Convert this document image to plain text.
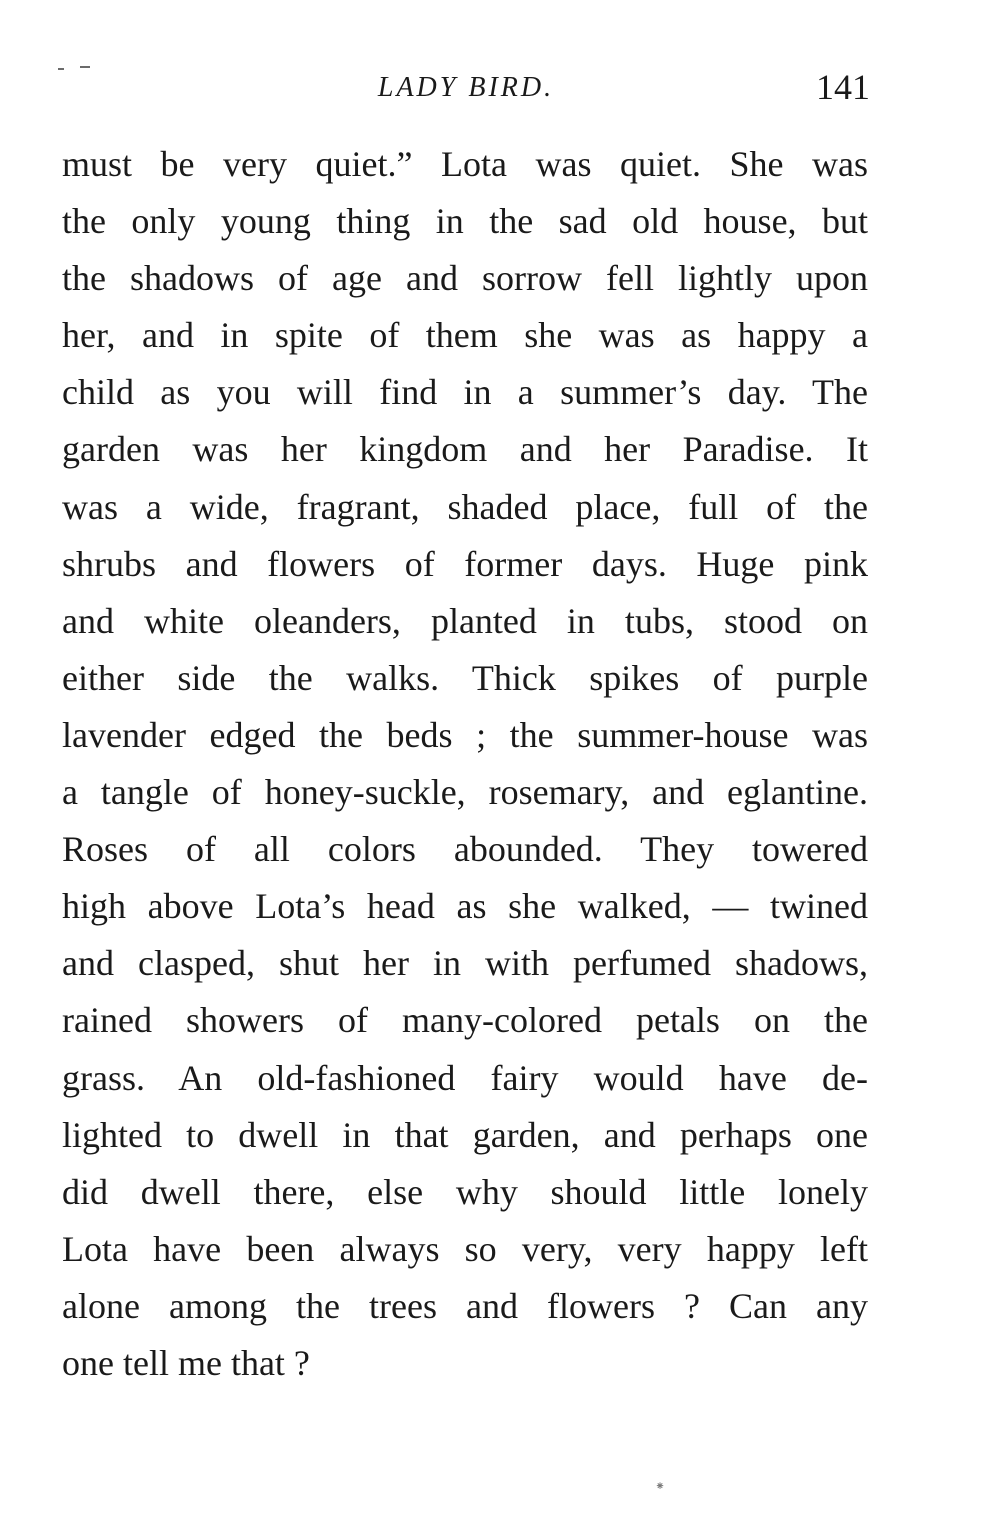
LADY BIRD.	141
must be very quiet.” Lota was quiet. She was
the only young thing in the sad old house, but
the shadows of age and sorrow fell lightly upon
her, and in spite of them she was as happy a
child as you will find in a summer’s day. The
garden was her kingdom and her Paradise. It
was a wide, fragrant, shaded place, full of the
shrubs and flowers of former days. Huge pink
and white oleanders, planted in tubs, stood on
either side the walks. Thick spikes of purple
lavender edged the beds ; the summer-house was
a tangle of honey-suckle, rosemary, and eglantine.
Roses of all colors abounded. They towered
high above Lota’s head as she walked, — twined
and clasped, shut her in with perfumed shadows,
rained showers of many-colored petals on the
grass. An old-fashioned fairy would have de-
lighted to dwell in that garden, and perhaps one
did dwell there, else why should little lonely
Lota have been always so very, very happy left
alone among the trees and flowers ? Can any
one tell me that ?
⁕
